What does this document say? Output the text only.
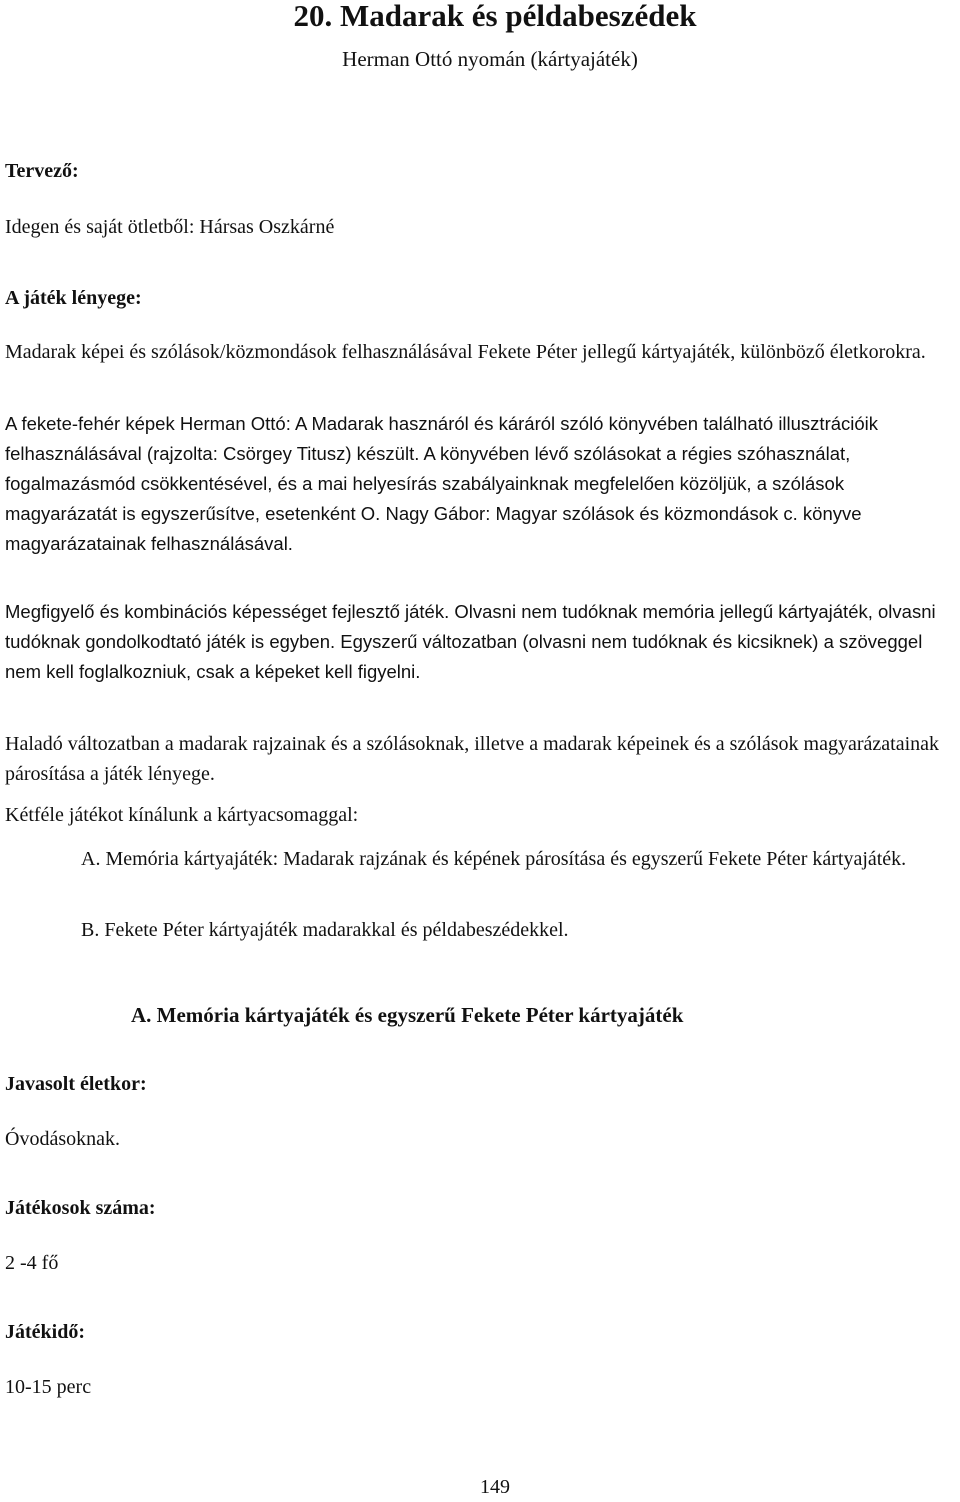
20. Madarak és példabeszédek
Herman Ottó nyomán (kártyajáték)
Tervező:
Idegen és saját ötletből: Hársas Oszkárné
A játék lényege:
Madarak képei és szólások/közmondások felhasználásával Fekete Péter jellegű kártyajáték, különböző életkorokra.
A fekete-fehér képek Herman Ottó: A Madarak hasznáról és káráról szóló könyvében található illusztrációik felhasználásával (rajzolta: Csörgey Titusz) készült. A könyvében lévő szólásokat a régies szóhasználat, fogalmazásmód csökkentésével, és a mai helyesírás szabályainknak megfelelően közöljük, a szólások magyarázatát is egyszerűsítve, esetenként O. Nagy Gábor: Magyar szólások és közmondások c. könyve magyarázatainak felhasználásával.
Megfigyelő és kombinációs képességet fejlesztő játék. Olvasni nem tudóknak memória jellegű kártyajáték, olvasni tudóknak gondolkodtató játék is egyben. Egyszerű változatban (olvasni nem tudóknak és kicsiknek) a szöveggel nem kell foglalkozniuk, csak a képeket kell figyelni.
Haladó változatban a madarak rajzainak és a szólásoknak, illetve a madarak képeinek és a szólások magyarázatainak párosítása a játék lényege.
Kétféle játékot kínálunk a kártyacsomaggal:
A. Memória kártyajáték: Madarak rajzának és képének párosítása és egyszerű Fekete Péter kártyajáték.
B. Fekete Péter kártyajáték madarakkal és példabeszédekkel.
A. Memória kártyajáték és egyszerű Fekete Péter kártyajáték
Javasolt életkor:
Óvodásoknak.
Játékosok száma:
2 -4 fő
Játékidő:
10-15 perc
149
